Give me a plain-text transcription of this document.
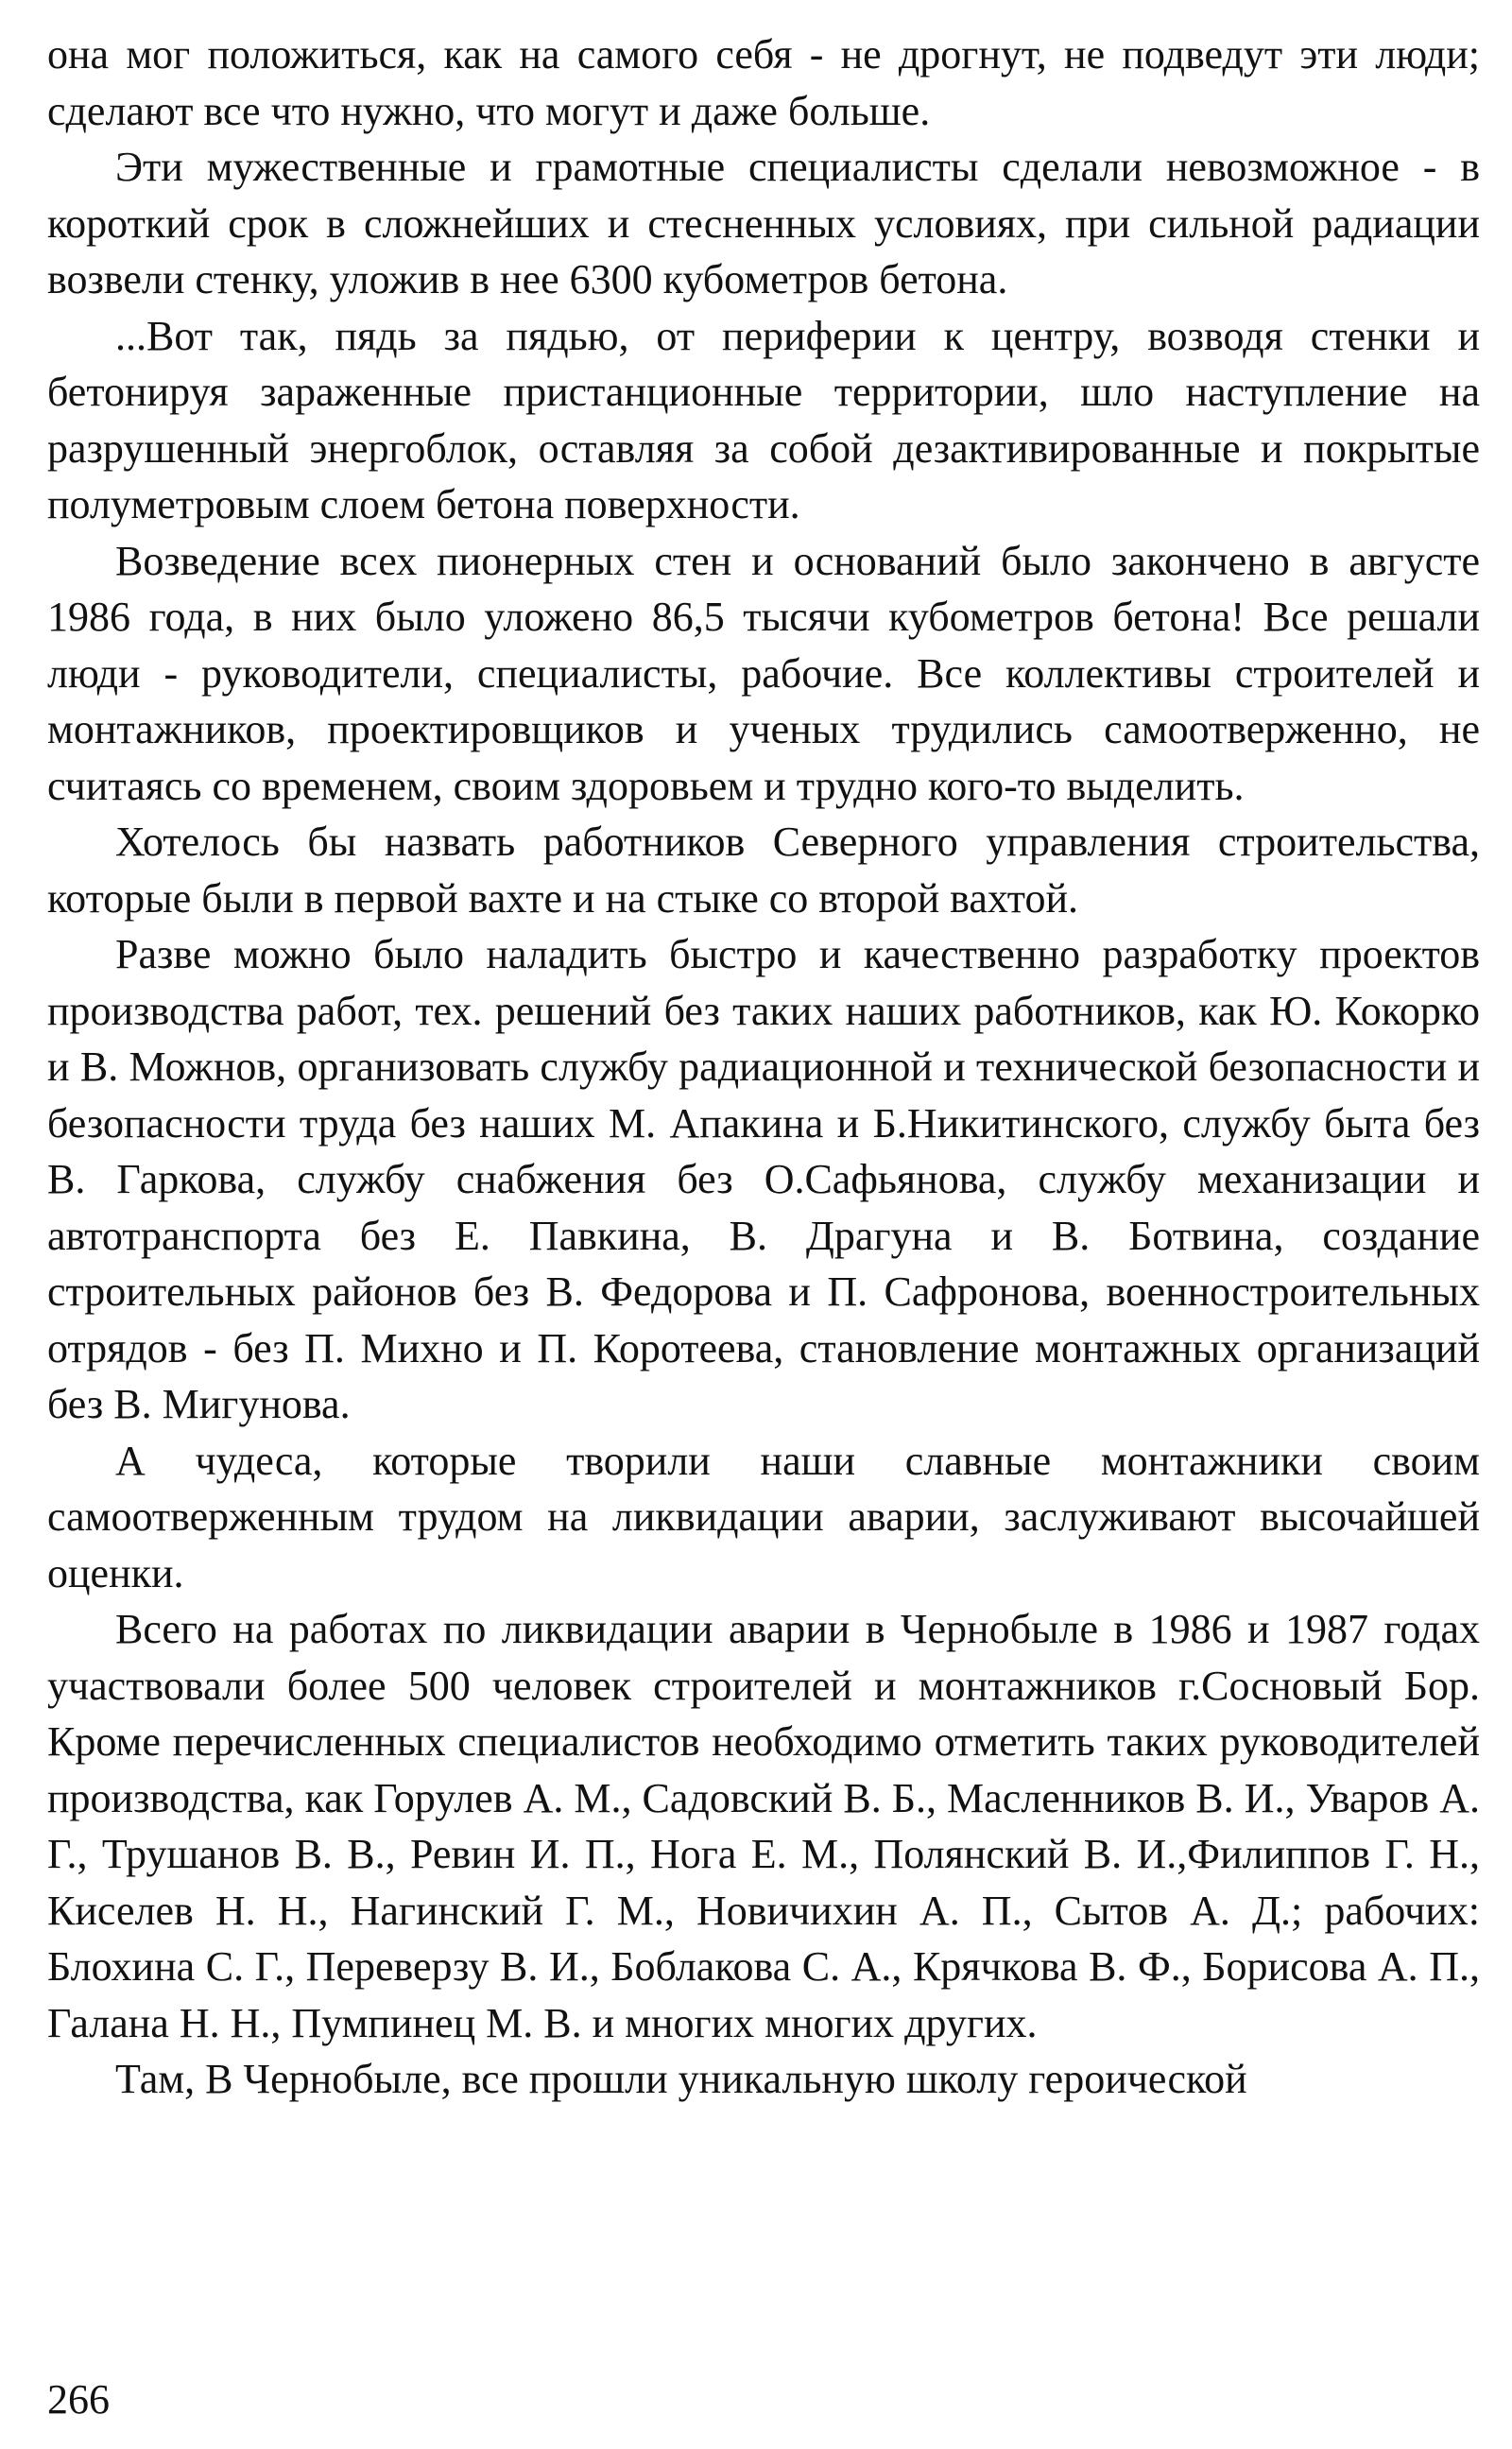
она мог положиться, как на самого себя - не дрогнут, не подведут эти люди; сделают все что нужно, что могут и даже больше.

Эти мужественные и грамотные специалисты сделали невозможное - в короткий срок в сложнейших и стесненных условиях, при сильной радиации возвели стенку, уложив в нее 6300 кубометров бетона.

...Вот так, пядь за пядью, от периферии к центру, возводя стенки и бетонируя зараженные пристанционные территории, шло наступление на разрушенный энергоблок, оставляя за собой дезактивированные и покрытые полуметровым слоем бетона поверхности.

Возведение всех пионерных стен и оснований было закончено в августе 1986 года, в них было уложено 86,5 тысячи кубометров бетона! Все решали люди - руководители, специалисты, рабочие. Все коллективы строителей и монтажников, проектировщиков и ученых трудились самоотверженно, не считаясь со временем, своим здоровьем и трудно кого-то выделить.

Хотелось бы назвать работников Северного управления строительства, которые были в первой вахте и на стыке со второй вахтой.

Разве можно было наладить быстро и качественно разработку проектов производства работ, тех. решений без таких наших работников, как Ю. Кокорко и В. Можнов, организовать службу радиационной и технической безопасности и безопасности труда без наших М. Апакина и Б.Никитинского, службу быта без В. Гаркова, службу снабжения без О.Сафьянова, службу механизации и автотранспорта без Е. Павкина, В. Драгуна и В. Ботвина, создание строительных районов без В. Федорова и П. Сафронова, военностроительных отрядов - без П. Михно и П. Коротеева, становление монтажных организаций без В. Мигунова.

А чудеса, которые творили наши славные монтажники своим самоотверженным трудом на ликвидации аварии, заслуживают высочайшей оценки.

Всего на работах по ликвидации аварии в Чернобыле в 1986 и 1987 годах участвовали более 500 человек строителей и монтажников г.Сосновый Бор. Кроме перечисленных специалистов необходимо отметить таких руководителей производства, как Горулев А. М., Садовский В. Б., Масленников В. И., Уваров А. Г., Трушанов В. В., Ревин И. П., Нога Е. М., Полянский В. И.,Филиппов Г. Н., Киселев Н. Н., Нагинский Г. М., Новичихин А. П., Сытов А. Д.; рабочих: Блохина С. Г., Переверзу В. И., Боблакова С. А., Крячкова В. Ф., Борисова А. П., Галана Н. Н., Пумпинец М. В. и многих многих других.

Там, В Чернобыле, все прошли уникальную школу героической

266
